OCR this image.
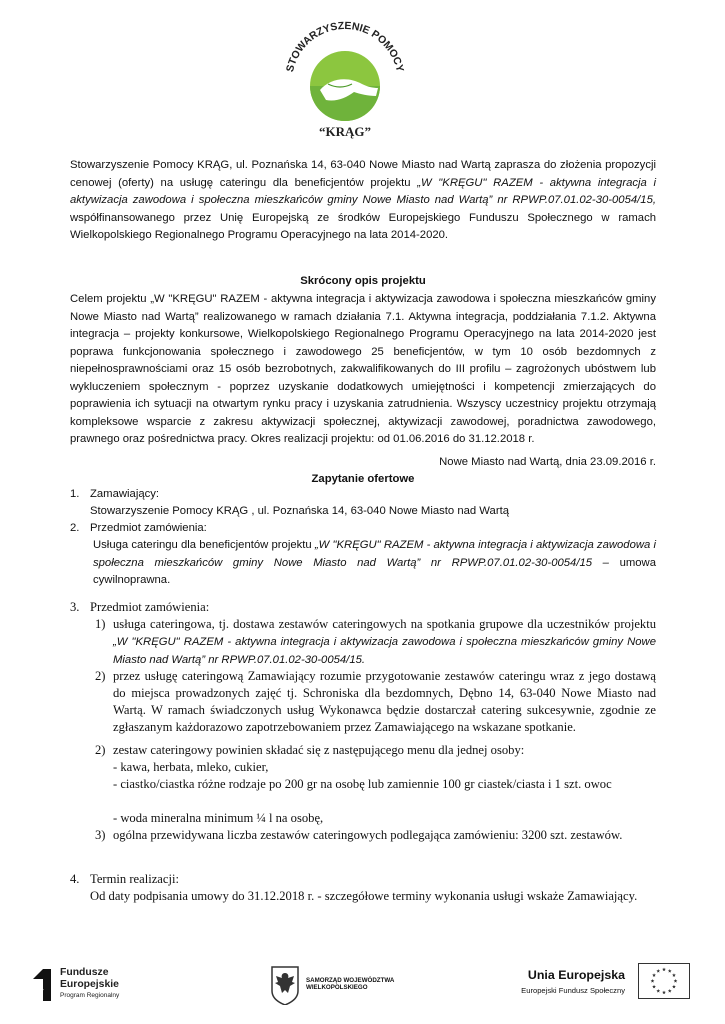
STOWARZYSZENIE POMOCY
“KRĄG”
Stowarzyszenie Pomocy KRĄG, ul. Poznańska 14, 63-040 Nowe Miasto nad Wartą zaprasza do złożenia propozycji cenowej (oferty) na usługę cateringu dla beneficjentów projektu „W "KRĘGU" RAZEM - aktywna integracja i aktywizacja zawodowa i społeczna mieszkańców gminy Nowe Miasto nad Wartą” nr RPWP.07.01.02-30-0054/15, współfinansowanego przez Unię Europejską ze środków Europejskiego Funduszu Społecznego w ramach Wielkopolskiego Regionalnego Programu Operacyjnego na lata 2014-2020.
Skrócony opis projektu
Celem projektu „W "KRĘGU" RAZEM - aktywna integracja i aktywizacja zawodowa i społeczna mieszkańców gminy Nowe Miasto nad Wartą” realizowanego w ramach działania 7.1. Aktywna integracja, poddziałania 7.1.2. Aktywna integracja – projekty konkursowe, Wielkopolskiego Regionalnego Programu Operacyjnego na lata 2014-2020 jest poprawa funkcjonowania społecznego i zawodowego 25 beneficjentów, w tym 10 osób bezdomnych z niepełnosprawnościami oraz 15 osób bezrobotnych, zakwalifikowanych do III profilu – zagrożonych ubóstwem lub wykluczeniem społecznym - poprzez uzyskanie dodatkowych umiejętności i kompetencji zmierzających do poprawienia ich sytuacji na otwartym rynku pracy i uzyskania zatrudnienia. Wszyscy uczestnicy projektu otrzymają kompleksowe wsparcie z zakresu aktywizacji społecznej, aktywizacji zawodowej, poradnictwa zawodowego, prawnego oraz pośrednictwa pracy. Okres realizacji projektu: od 01.06.2016 do 31.12.2018 r.
Nowe Miasto nad Wartą, dnia 23.09.2016 r.
Zapytanie ofertowe
1. Zamawiający:
Stowarzyszenie Pomocy KRĄG , ul. Poznańska 14, 63-040 Nowe Miasto nad Wartą
2. Przedmiot zamówienia:
Usługa cateringu dla beneficjentów projektu „W "KRĘGU" RAZEM - aktywna integracja i aktywizacja zawodowa i społeczna mieszkańców gminy Nowe Miasto nad Wartą” nr RPWP.07.01.02-30-0054/15 – umowa cywilnoprawna.
3. Przedmiot zamówienia:
1) usługa cateringowa, tj. dostawa zestawów cateringowych na spotkania grupowe dla uczestników projektu „W "KRĘGU" RAZEM - aktywna integracja i aktywizacja zawodowa i społeczna mieszkańców gminy Nowe Miasto nad Wartą” nr RPWP.07.01.02-30-0054/15.
2) przez usługę cateringową Zamawiający rozumie przygotowanie zestawów cateringu wraz z jego dostawą do miejsca prowadzonych zajęć tj. Schroniska dla bezdomnych, Dębno 14, 63-040 Nowe Miasto nad Wartą. W ramach świadczonych usług Wykonawca będzie dostarczał catering sukcesywnie, zgodnie ze zgłaszanym każdorazowo zapotrzebowaniem przez Zamawiającego na wskazane spotkanie.
2) zestaw cateringowy powinien składać się z następującego menu dla jednej osoby:
- kawa, herbata, mleko, cukier,
- ciastko/ciastka różne rodzaje po 200 gr na osobę lub zamiennie 100 gr ciastek/ciasta i 1 szt. owoc
- woda mineralna minimum ¼ l na osobę,
3) ogólna przewidywana liczba zestawów cateringowych podlegająca zamówieniu: 3200 szt. zestawów.
4. Termin realizacji:
Od daty podpisania umowy do 31.12.2018 r. - szczegółowe terminy wykonania usługi wskaże Zamawiający.
Fundusze
Europejskie
Program Regionalny
SAMORZĄD WOJEWÓDZTWA
WIELKOPOLSKIEGO
Unia Europejska
Europejski Fundusz Społeczny
